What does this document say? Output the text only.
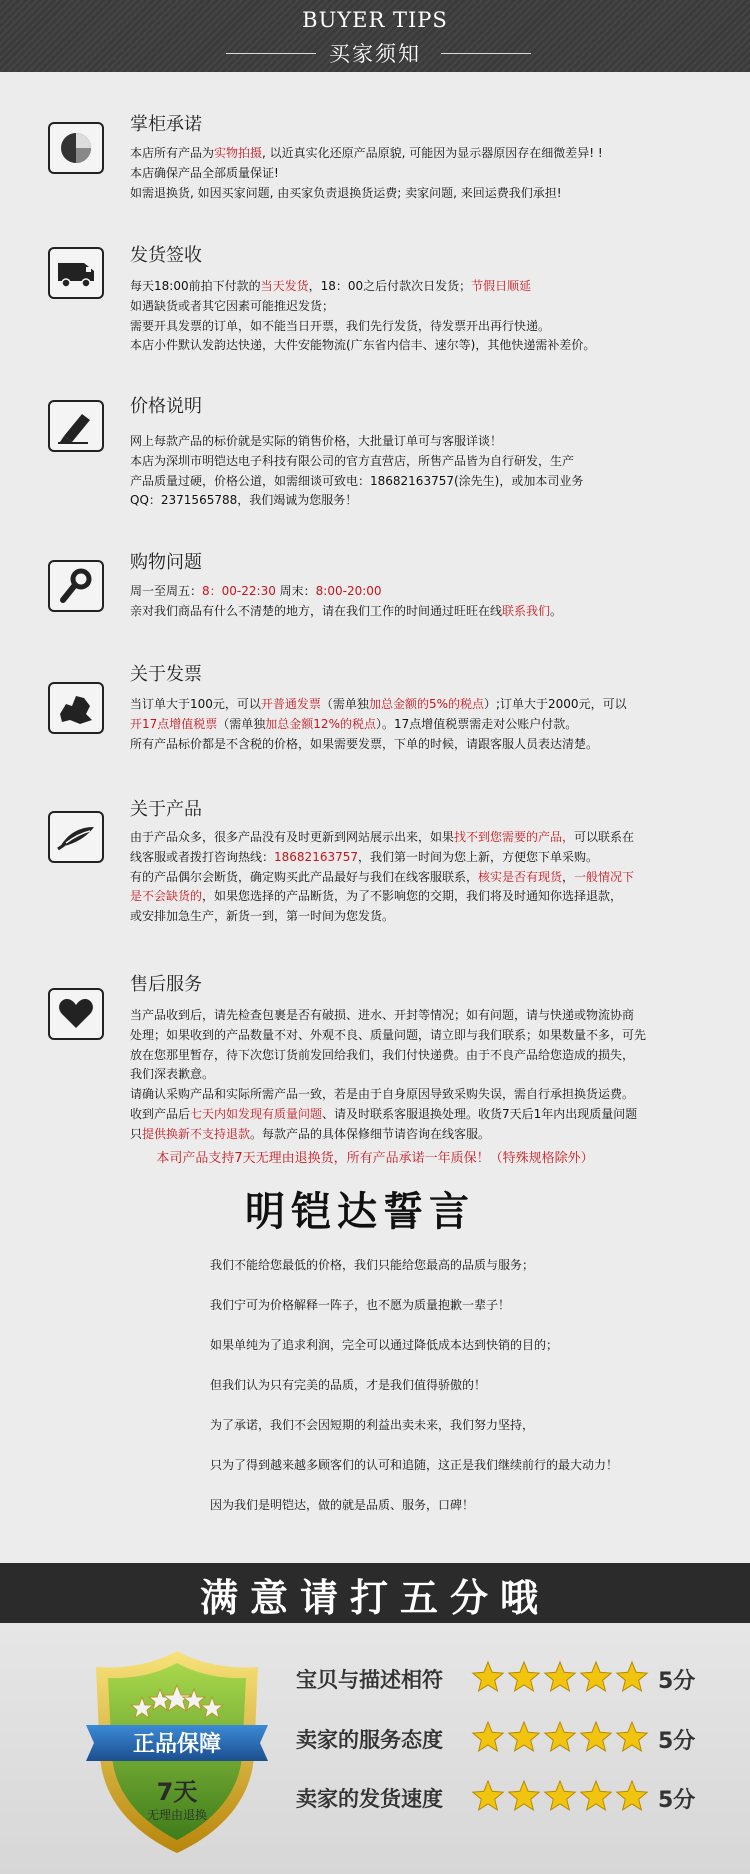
BUYER TIPS
买家须知
掌柜承诺

本店所有产品为实物拍摄, 以近真实化还原产品原貌, 可能因为显示器原因存在细微差异! !

本店确保产品全部质量保证!

如需退换货, 如因买家问题, 由买家负责退换货运费; 卖家问题, 来回运费我们承担!

发货签收

每天18:00前拍下付款的当天发货，18：00之后付款次日发货；节假日顺延

如遇缺货或者其它因素可能推迟发货；

需要开具发票的订单，如不能当日开票，我们先行发货，待发票开出再行快递。

本店小件默认发韵达快递，大件安能物流(广东省内信丰、速尔等)，其他快递需补差价。

价格说明

网上每款产品的标价就是实际的销售价格，大批量订单可与客服详谈！

本店为深圳市明铠达电子科技有限公司的官方直营店，所售产品皆为自行研发，生产

产品质量过硬，价格公道，如需细谈可致电：18682163757(涂先生)，或加本司业务

QQ：2371565788，我们竭诚为您服务！

购物问题

周一至周五：8：00-22:30 周末：8:00-20:00

亲对我们商品有什么不清楚的地方，请在我们工作的时间通过旺旺在线联系我们。

关于发票

当订单大于100元，可以开普通发票（需单独加总金额的5%的税点）;订单大于2000元，可以

开17点增值税票（需单独加总金额12%的税点）。17点增值税票需走对公账户付款。

所有产品标价都是不含税的价格，如果需要发票，下单的时候，请跟客服人员表达清楚。

关于产品

由于产品众多，很多产品没有及时更新到网站展示出来，如果找不到您需要的产品，可以联系在

线客服或者拨打咨询热线：18682163757，我们第一时间为您上新，方便您下单采购。

有的产品偶尔会断货，确定购买此产品最好与我们在线客服联系，核实是否有现货，一般情况下

是不会缺货的，如果您选择的产品断货，为了不影响您的交期，我们将及时通知你选择退款，

或安排加急生产，新货一到，第一时间为您发货。

售后服务

当产品收到后，请先检查包裹是否有破损、进水、开封等情况；如有问题，请与快递或物流协商

处理；如果收到的产品数量不对、外观不良、质量问题，请立即与我们联系；如果数量不多，可先

放在您那里暂存，待下次您订货前发回给我们，我们付快递费。由于不良产品给您造成的损失，

我们深表歉意。

请确认采购产品和实际所需产品一致，若是由于自身原因导致采购失误，需自行承担换货运费。

收到产品后七天内如发现有质量问题、请及时联系客服退换处理。收货7天后1年内出现质量问题

只提供换新不支持退款。每款产品的具体保修细节请咨询在线客服。

本司产品支持7天无理由退换货，所有产品承诺一年质保！（特殊规格除外）
明铠达誓言

我们不能给您最低的价格，我们只能给您最高的品质与服务；

我们宁可为价格解释一阵子，也不愿为质量抱歉一辈子！

如果单纯为了追求利润，完全可以通过降低成本达到快销的目的；

但我们认为只有完美的品质，才是我们值得骄傲的！

为了承诺，我们不会因短期的利益出卖未来，我们努力坚持，

只为了得到越来越多顾客们的认可和追随，这正是我们继续前行的最大动力！

因为我们是明铠达，做的就是品质、服务，口碑！

满意请打五分哦
正品保障
7天
无理由退换
宝贝与描述相符	5分
卖家的服务态度	5分
卖家的发货速度	5分
